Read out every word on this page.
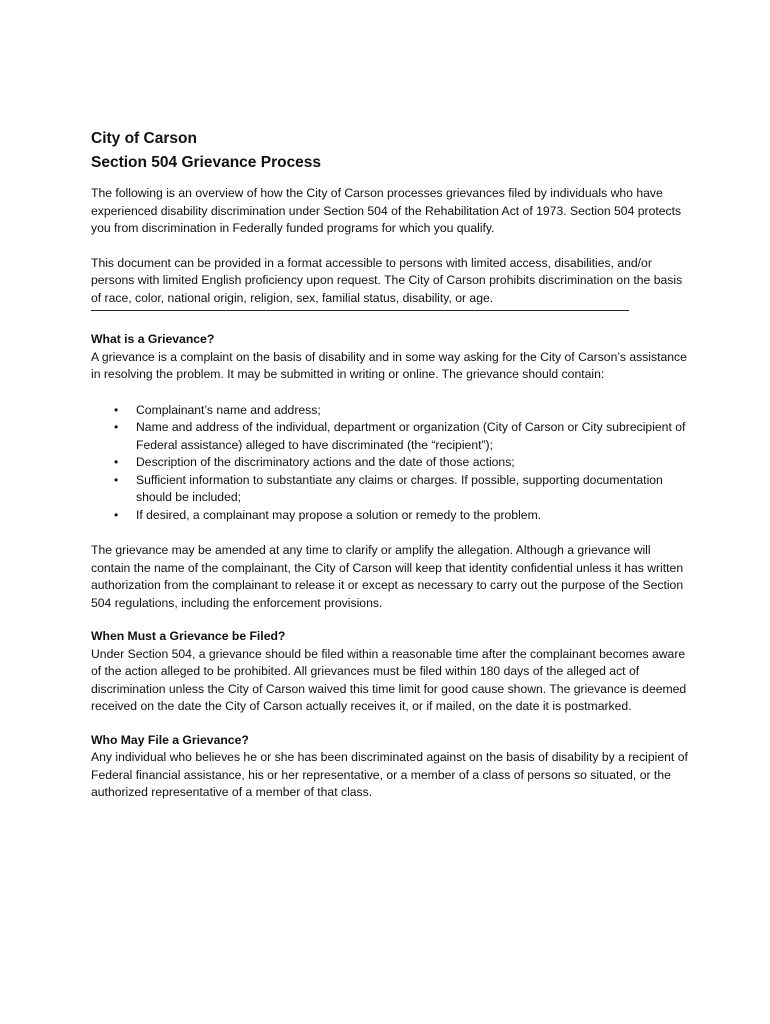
City of Carson
Section 504 Grievance Process

The following is an overview of how the City of Carson processes grievances filed by individuals who have experienced disability discrimination under Section 504 of the Rehabilitation Act of 1973. Section 504 protects you from discrimination in Federally funded programs for which you qualify.

This document can be provided in a format accessible to persons with limited access, disabilities, and/or persons with limited English proficiency upon request. The City of Carson prohibits discrimination on the basis of race, color, national origin, religion, sex, familial status, disability, or age.

What is a Grievance?

A grievance is a complaint on the basis of disability and in some way asking for the City of Carson’s assistance in resolving the problem. It may be submitted in writing or online. The grievance should contain:

• Complainant’s name and address;
• Name and address of the individual, department or organization (City of Carson or City subrecipient of Federal assistance) alleged to have discriminated (the “recipient”);
• Description of the discriminatory actions and the date of those actions;
• Sufficient information to substantiate any claims or charges. If possible, supporting documentation should be included;
• If desired, a complainant may propose a solution or remedy to the problem.

The grievance may be amended at any time to clarify or amplify the allegation. Although a grievance will contain the name of the complainant, the City of Carson will keep that identity confidential unless it has written authorization from the complainant to release it or except as necessary to carry out the purpose of the Section 504 regulations, including the enforcement provisions.

When Must a Grievance be Filed?

Under Section 504, a grievance should be filed within a reasonable time after the complainant becomes aware of the action alleged to be prohibited. All grievances must be filed within 180 days of the alleged act of discrimination unless the City of Carson waived this time limit for good cause shown. The grievance is deemed received on the date the City of Carson actually receives it, or if mailed, on the date it is postmarked.

Who May File a Grievance?

Any individual who believes he or she has been discriminated against on the basis of disability by a recipient of Federal financial assistance, his or her representative, or a member of a class of persons so situated, or the authorized representative of a member of that class.
